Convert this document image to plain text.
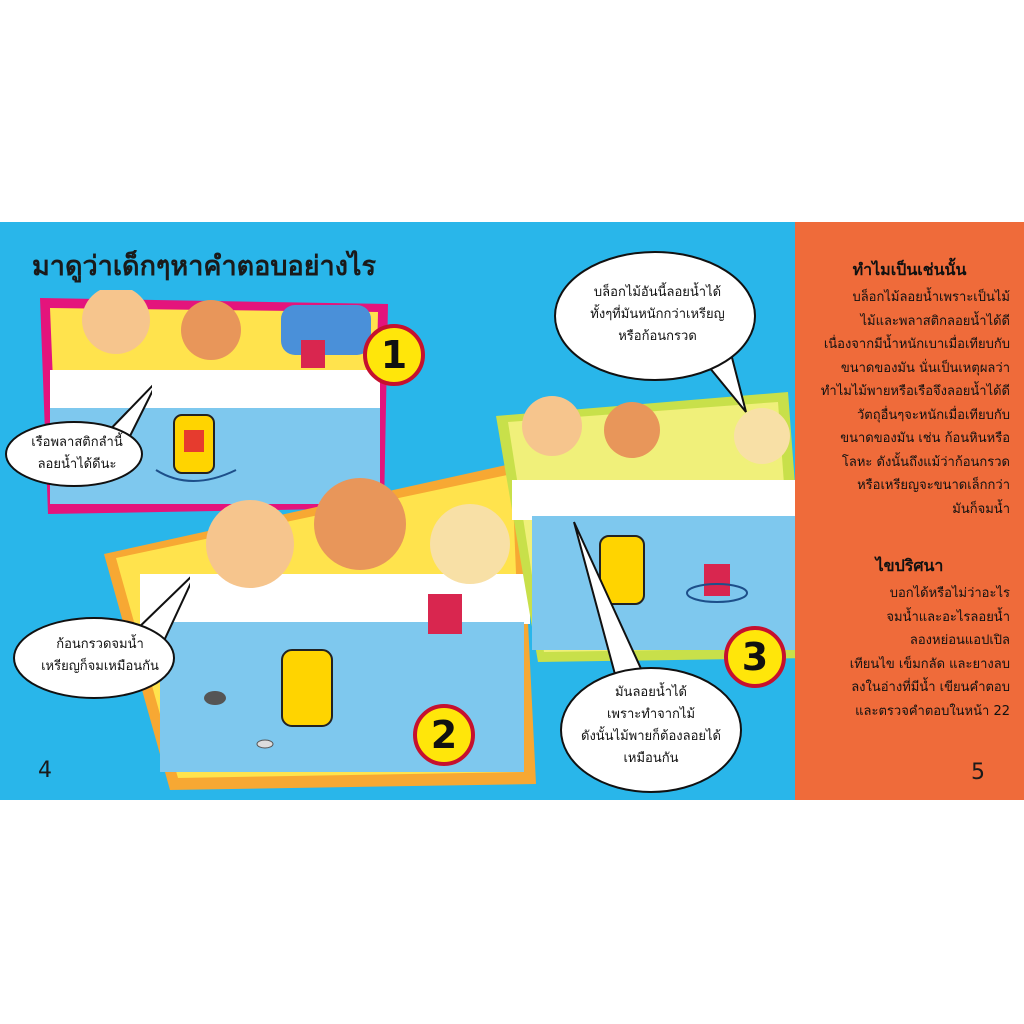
มาดูว่าเด็กๆหาคำตอบอย่างไร
1
2
3
เรือพลาสติกลำนี้
ลอยน้ำได้ดีนะ
ก้อนกรวดจมน้ำ
เหรียญก็จมเหมือนกัน
บล็อกไม้อันนี้ลอยน้ำได้
ทั้งๆที่มันหนักกว่าเหรียญ
หรือก้อนกรวด
มันลอยน้ำได้
เพราะทำจากไม้
ดังนั้นไม้พายก็ต้องลอยได้
เหมือนกัน
4
ทำไมเป็นเช่นนั้น
บล็อกไม้ลอยน้ำเพราะเป็นไม้
ไม้และพลาสติกลอยน้ำได้ดี
เนื่องจากมีน้ำหนักเบาเมื่อเทียบกับ
ขนาดของมัน นั่นเป็นเหตุผลว่า
ทำไมไม้พายหรือเรือจึงลอยน้ำได้ดี
วัตถุอื่นๆจะหนักเมื่อเทียบกับ
ขนาดของมัน เช่น ก้อนหินหรือ
โลหะ ดังนั้นถึงแม้ว่าก้อนกรวด
หรือเหรียญจะขนาดเล็กกว่า
มันก็จมน้ำ
ไขปริศนา
บอกได้หรือไม่ว่าอะไร
จมน้ำและอะไรลอยน้ำ
ลองหย่อนแอปเปิล
เทียนไข เข็มกลัด และยางลบ
ลงในอ่างที่มีน้ำ เขียนคำตอบ
และตรวจคำตอบในหน้า 22
5
